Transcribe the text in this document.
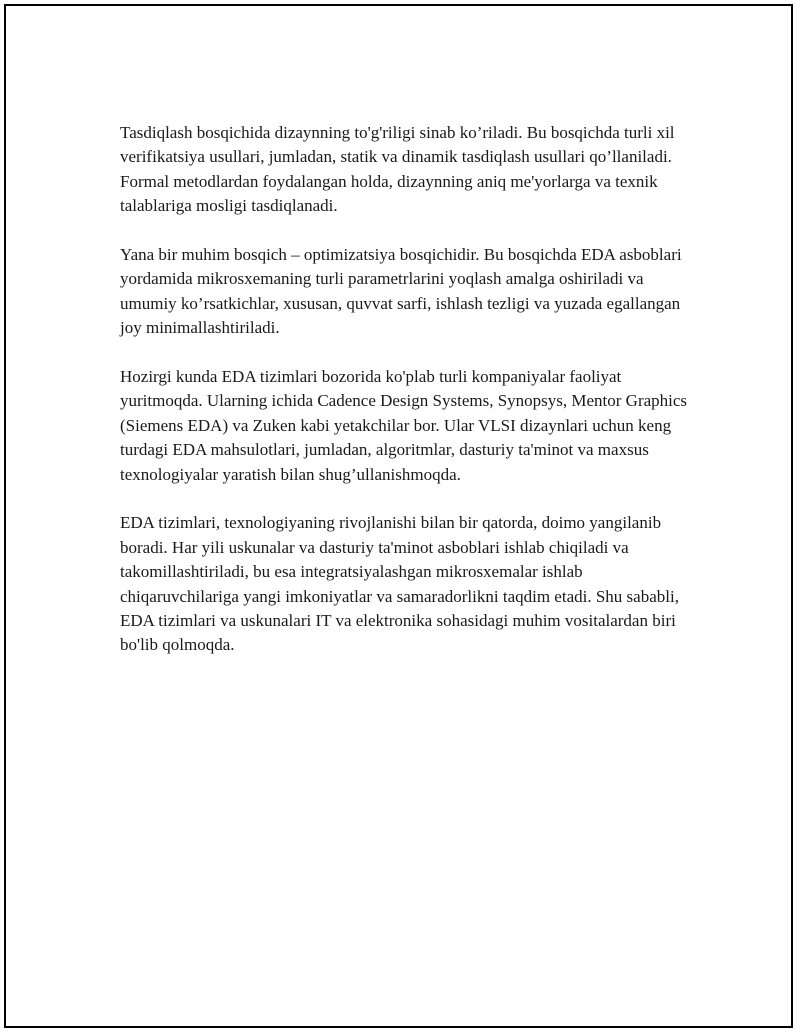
Tasdiqlash bosqichida dizaynning to'g'riligi sinab ko’riladi. Bu bosqichda turli xil verifikatsiya usullari, jumladan, statik va dinamik tasdiqlash usullari qo’llaniladi. Formal metodlardan foydalangan holda, dizaynning aniq me'yorlarga va texnik talablariga mosligi tasdiqlanadi.

Yana bir muhim bosqich – optimizatsiya bosqichidir. Bu bosqichda EDA asboblari yordamida mikrosxemaning turli parametrlarini yoqlash amalga oshiriladi va umumiy ko’rsatkichlar, xususan, quvvat sarfi, ishlash tezligi va yuzada egallangan joy minimallashtiriladi.

Hozirgi kunda EDA tizimlari bozorida ko'plab turli kompaniyalar faoliyat yuritmoqda. Ularning ichida Cadence Design Systems, Synopsys, Mentor Graphics (Siemens EDA) va Zuken kabi yetakchilar bor. Ular VLSI dizaynlari uchun keng turdagi EDA mahsulotlari, jumladan, algoritmlar, dasturiy ta'minot va maxsus texnologiyalar yaratish bilan shug’ullanishmoqda.

EDA tizimlari, texnologiyaning rivojlanishi bilan bir qatorda, doimo yangilanib boradi. Har yili uskunalar va dasturiy ta'minot asboblari ishlab chiqiladi va takomillashtiriladi, bu esa integratsiyalashgan mikrosxemalar ishlab chiqaruvchilariga yangi imkoniyatlar va samaradorlikni taqdim etadi. Shu sababli, EDA tizimlari va uskunalari IT va elektronika sohasidagi muhim vositalardan biri bo'lib qolmoqda.
